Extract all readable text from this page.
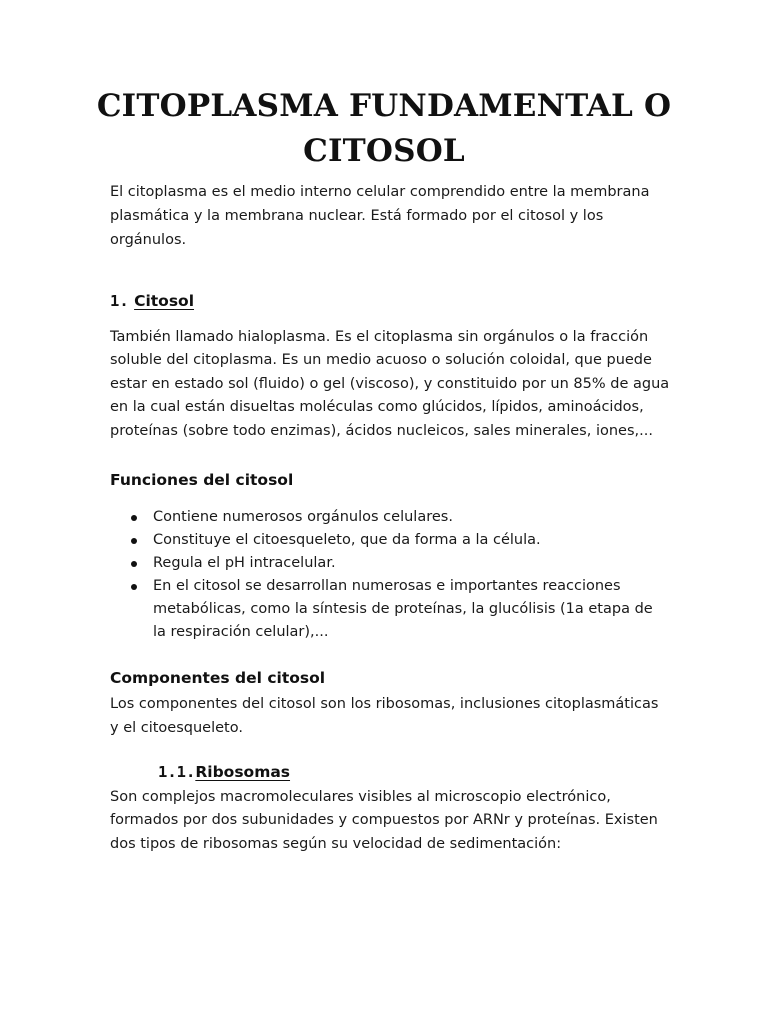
CITOPLASMA FUNDAMENTAL O CITOSOL

El citoplasma es el medio interno celular comprendido entre la membrana plasmática y la membrana nuclear. Está formado por el citosol y los orgánulos.

1. Citosol

También llamado hialoplasma. Es el citoplasma sin orgánulos o la fracción soluble del citoplasma. Es un medio acuoso o solución coloidal, que puede estar en estado sol (fluido) o gel (viscoso), y constituido por un 85% de agua en la cual están disueltas moléculas como glúcidos, lípidos, aminoácidos, proteínas (sobre todo enzimas), ácidos nucleicos, sales minerales, iones,...

Funciones del citosol
Contiene numerosos orgánulos celulares.
Constituye el citoesqueleto, que da forma a la célula.
Regula el pH intracelular.
En el citosol se desarrollan numerosas e importantes reacciones metabólicas, como la síntesis de proteínas, la glucólisis (1a etapa de la respiración celular),...
Componentes del citosol

Los componentes del citosol son los ribosomas, inclusiones citoplasmáticas y el citoesqueleto.

1.1.Ribosomas

Son complejos macromoleculares visibles al microscopio electrónico, formados por dos subunidades y compuestos por ARNr y proteínas. Existen dos tipos de ribosomas según su velocidad de sedimentación:
